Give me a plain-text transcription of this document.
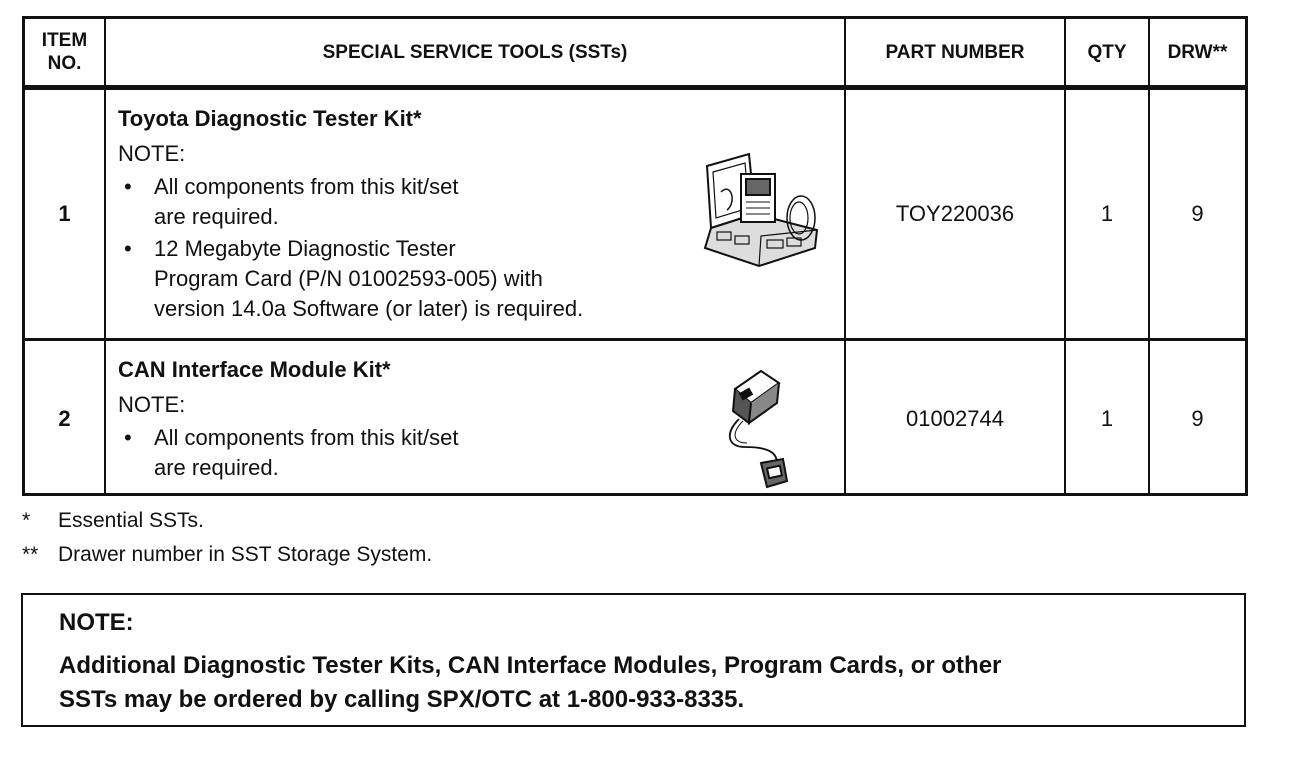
ITEM
NO.
SPECIAL SERVICE TOOLS (SSTs)	PART NUMBER	QTY	DRW**
1
Toyota Diagnostic Tester Kit*
NOTE:
• All components from this kit/set
are required.
• 12 Megabyte Diagnostic Tester
Program Card (P/N 01002593-005) with
version 14.0a Software (or later) is required.
TOY220036	1	9
2
CAN Interface Module Kit*
NOTE:
• All components from this kit/set
are required.
01002744	1	9
* Essential SSTs.
** Drawer number in SST Storage System.
NOTE:
Additional Diagnostic Tester Kits, CAN Interface Modules, Program Cards, or other
SSTs may be ordered by calling SPX/OTC at 1-800-933-8335.
